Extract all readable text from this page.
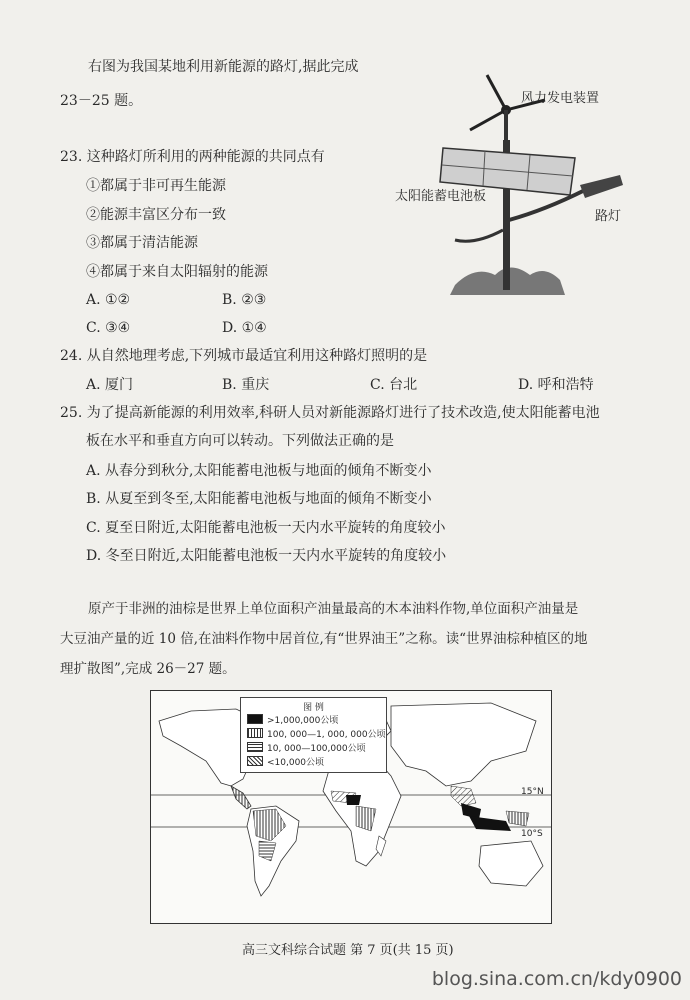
右图为我国某地利用新能源的路灯,据此完成
23－25 题。	风力发电装置
太阳能蓄电池板
路灯
23. 这种路灯所利用的两种能源的共同点有
①都属于非可再生能源
②能源丰富区分布一致
③都属于清洁能源
④都属于来自太阳辐射的能源
A. ①②	B. ②③
C. ③④	D. ①④
24. 从自然地理考虑,下列城市最适宜利用这种路灯照明的是
A. 厦门	B. 重庆	C. 台北	D. 呼和浩特
25. 为了提高新能源的利用效率,科研人员对新能源路灯进行了技术改造,使太阳能蓄电池
板在水平和垂直方向可以转动。下列做法正确的是
A. 从春分到秋分,太阳能蓄电池板与地面的倾角不断变小
B. 从夏至到冬至,太阳能蓄电池板与地面的倾角不断变小
C. 夏至日附近,太阳能蓄电池板一天内水平旋转的角度较小
D. 冬至日附近,太阳能蓄电池板一天内水平旋转的角度较小
原产于非洲的油棕是世界上单位面积产油量最高的木本油料作物,单位面积产油量是
大豆油产量的近 10 倍,在油料作物中居首位,有“世界油王”之称。读“世界油棕种植区的地
理扩散图”,完成 26－27 题。
15°N
10°S
图 例
>1,000,000公顷
100, 000—1, 000, 000公顷
10, 000—100,000公顷
<10,000公顷
高三文科综合试题 第 7 页(共 15 页)
blog.sina.com.cn/kdy0900
